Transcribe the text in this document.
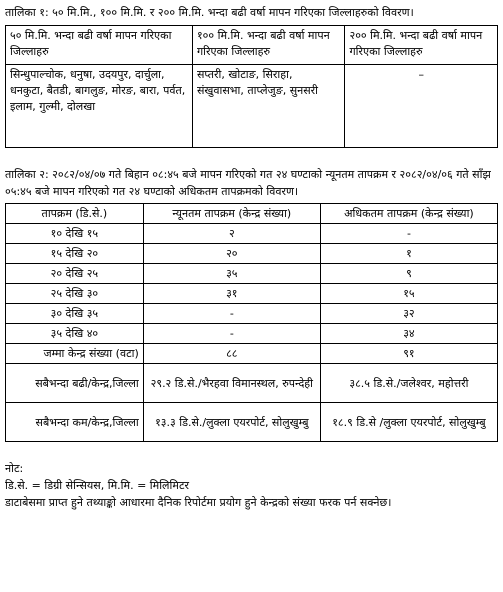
तालिका १: ५० मि.मि., १०० मि.मि. र २०० मि.मि. भन्दा बढी वर्षा मापन गरिएका जिल्लाहरुको विवरण।

५० मि.मि. भन्दा बढी वर्षा मापन गरिएका जिल्लाहरु	१०० मि.मि. भन्दा बढी वर्षा मापन गरिएका जिल्लाहरु	२०० मि.मि. भन्दा बढी वर्षा मापन गरिएका जिल्लाहरु
सिन्धुपाल्चोक, धनुषा, उदयपुर, दार्चुला, धनकुटा, बैतडी, बागलुङ, मोरङ, बारा, पर्वत, इलाम, गुल्मी, दोलखा	सप्तरी, खोटाङ, सिराहा, संखुवासभा, ताप्लेजुङ, सुनसरी	–

तालिका २: २०८२/०४/०७ गते बिहान ०८:४५ बजे मापन गरिएको गत २४ घण्टाको न्यूनतम तापक्रम र २०८२/०४/०६ गते साँझ ०५:४५ बजे मापन गरिएको गत २४ घण्टाको अधिकतम तापक्रमको विवरण।

तापक्रम (डि.से.)	न्यूनतम तापक्रम (केन्द्र संख्या)	अधिकतम तापक्रम (केन्द्र संख्या)
१० देखि १५	२	-
१५ देखि २०	२०	१
२० देखि २५	३५	९
२५ देखि ३०	३१	१५
३० देखि ३५	-	३२
३५ देखि ४०	-	३४
जम्मा केन्द्र संख्या (वटा)	८८	९१
सबैभन्दा बढी/केन्द्र,जिल्ला	२९.२ डि.से./भैरहवा विमानस्थल, रुपन्देही	३८.५ डि.से./जलेश्वर, महोत्तरी
सबैभन्दा कम/केन्द्र,जिल्ला	१३.३ डि.से./लुक्ला एयरपोर्ट, सोलुखुम्बु	१८.९ डि.से /लुक्ला एयरपोर्ट, सोलुखुम्बु

नोट:

डि.से. = डिग्री सेन्सियस, मि.मि. = मिलिमिटर

डाटाबेसमा प्राप्त हुने तथ्याङ्को आधारमा दैनिक रिपोर्टमा प्रयोग हुने केन्द्रको संख्या फरक पर्न सक्नेछ।
